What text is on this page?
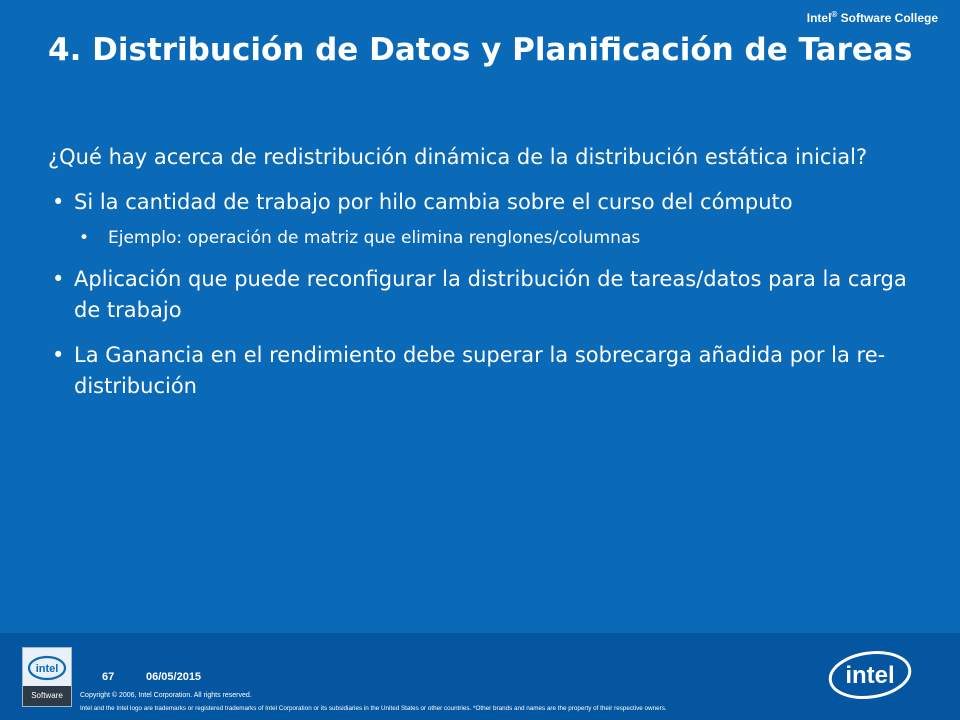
Intel® Software College
4. Distribución de Datos y Planificación de Tareas

¿Qué hay acerca de redistribución dinámica de la distribución estática inicial?

• Si la cantidad de trabajo por hilo cambia sobre el curso del cómputo
• Ejemplo: operación de matriz que elimina renglones/columnas
• Aplicación que puede reconfigurar la distribución de tareas/datos para la carga de trabajo
• La Ganancia en el rendimiento debe superar la sobrecarga añadida por la re-distribución
intel
Software
67	06/05/2015
Copyright © 2006, Intel Corporation. All rights reserved.
Intel and the Intel logo are trademarks or registered trademarks of Intel Corporation or its subsidiaries in the United States or other countries. *Other brands and names are the property of their respective owners.
intel
